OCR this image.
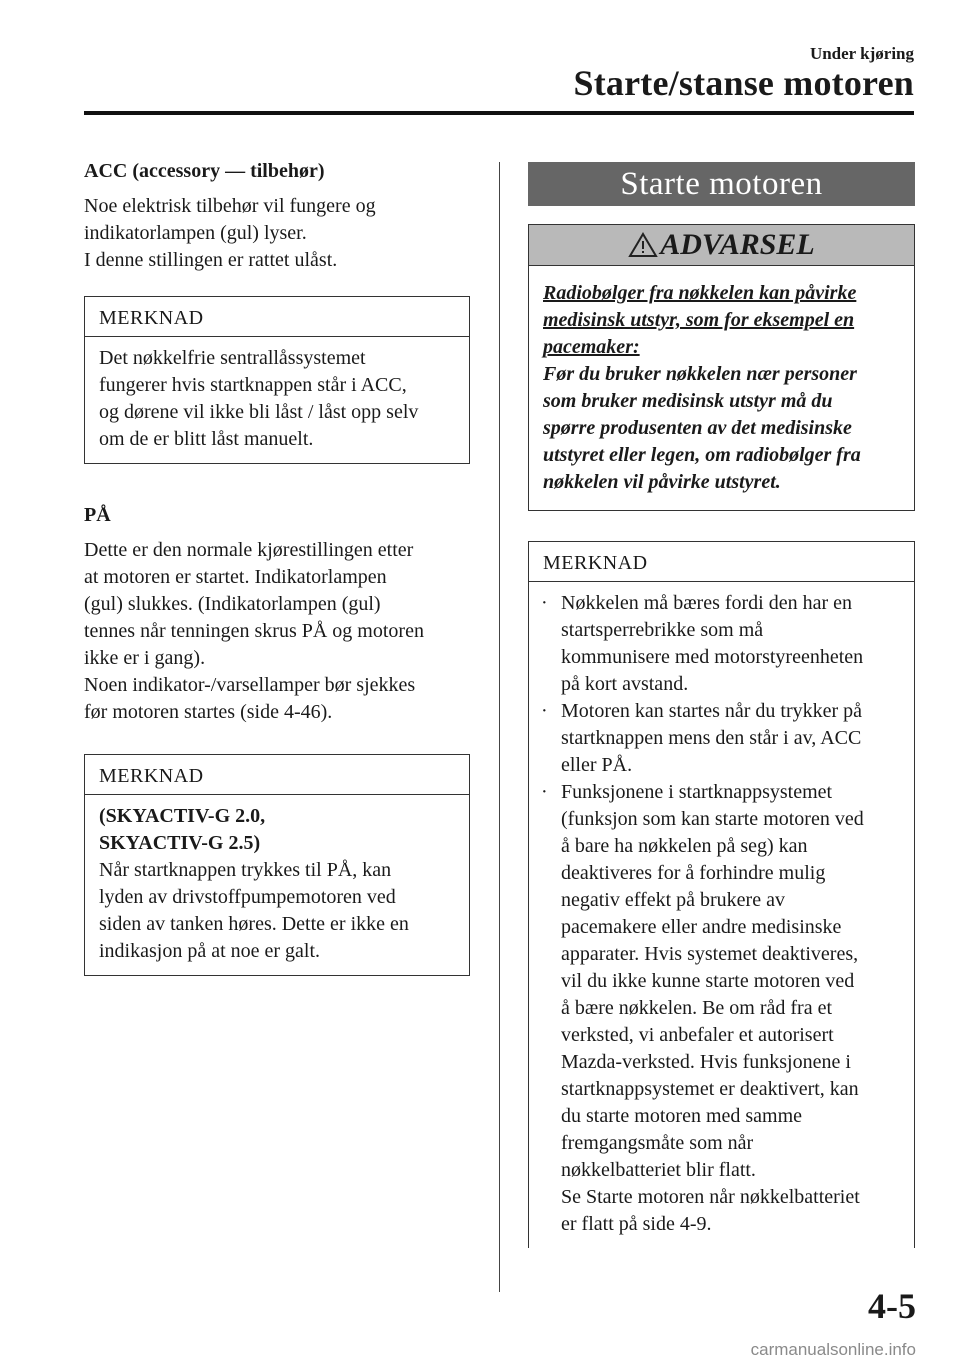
Under kjøring
Starte/stanse motoren
ACC (accessory — tilbehør)

Noe elektrisk tilbehør vil fungere og
indikatorlampen (gul) lyser.
I denne stillingen er rattet ulåst.

MERKNAD
Det nøkkelfrie sentrallåssystemet
fungerer hvis startknappen står i ACC,
og dørene vil ikke bli låst / låst opp selv
om de er blitt låst manuelt.
PÅ

Dette er den normale kjørestillingen etter
at motoren er startet. Indikatorlampen
(gul) slukkes. (Indikatorlampen (gul)
tennes når tenningen skrus PÅ og motoren
ikke er i gang).
Noen indikator-/varsellamper bør sjekkes
før motoren startes (side 4-46).

MERKNAD
(SKYACTIV-G 2.0,
SKYACTIV-G 2.5)
Når startknappen trykkes til PÅ, kan
lyden av drivstoffpumpemotoren ved
siden av tanken høres. Dette er ikke en
indikasjon på at noe er galt.
Starte motoren
ADVARSEL
Radiobølger fra nøkkelen kan påvirke
medisinsk utstyr, som for eksempel en
pacemaker:
Før du bruker nøkkelen nær personer
som bruker medisinsk utstyr må du
spørre produsenten av det medisinske
utstyret eller legen, om radiobølger fra
nøkkelen vil påvirke utstyret.
MERKNAD
· Nøkkelen må bæres fordi den har en
startsperrebrikke som må
kommunisere med motorstyreenheten
på kort avstand.
· Motoren kan startes når du trykker på
startknappen mens den står i av, ACC
eller PÅ.
· Funksjonene i startknappsystemet
(funksjon som kan starte motoren ved
å bare ha nøkkelen på seg) kan
deaktiveres for å forhindre mulig
negativ effekt på brukere av
pacemakere eller andre medisinske
apparater. Hvis systemet deaktiveres,
vil du ikke kunne starte motoren ved
å bære nøkkelen. Be om råd fra et
verksted, vi anbefaler et autorisert
Mazda-verksted. Hvis funksjonene i
startknappsystemet er deaktivert, kan
du starte motoren med samme
fremgangsmåte som når
nøkkelbatteriet blir flatt.
Se Starte motoren når nøkkelbatteriet
er flatt på side 4-9.
4-5
carmanualsonline.info
